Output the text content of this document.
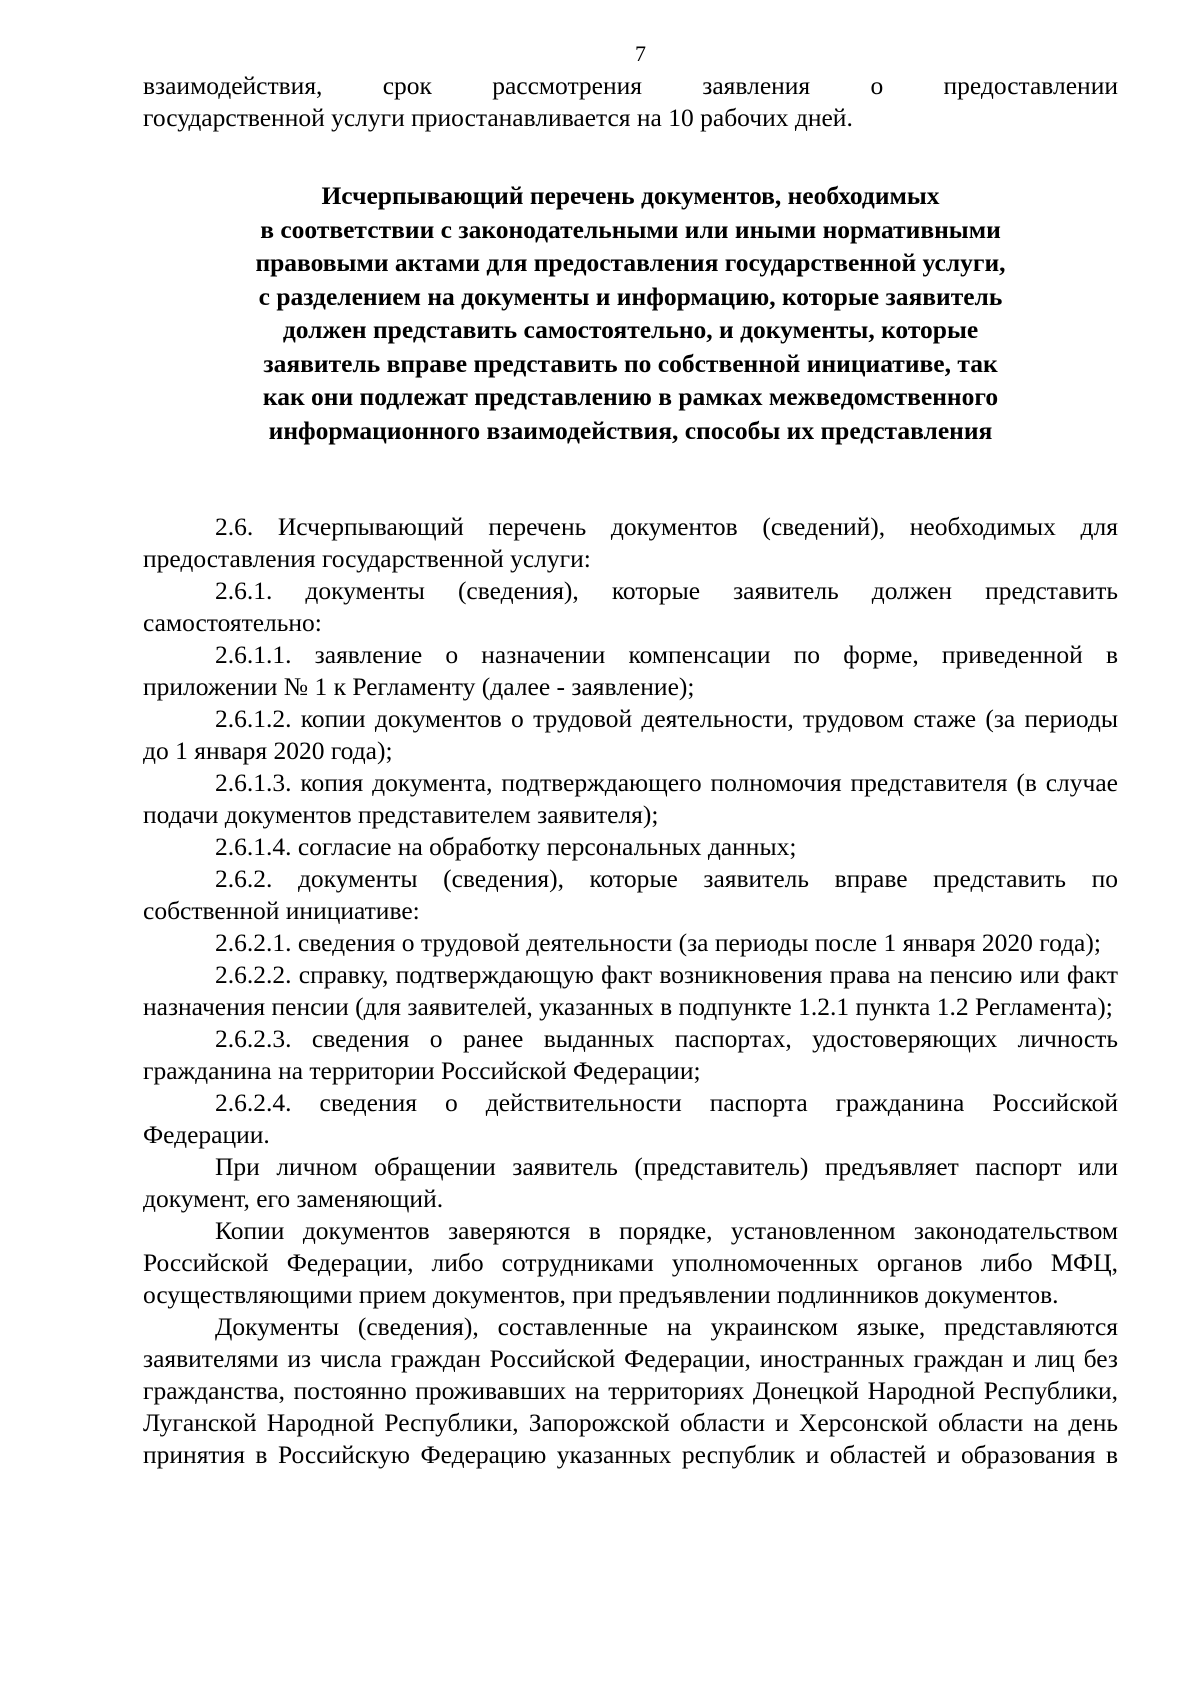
7

взаимодействия, срок рассмотрения заявления о предоставлении

государственной услуги приостанавливается на 10 рабочих дней.

Исчерпывающий перечень документов, необходимых
в соответствии с законодательными или иными нормативными
правовыми актами для предоставления государственной услуги,
с разделением на документы и информацию, которые заявитель
должен представить самостоятельно, и документы, которые
заявитель вправе представить по собственной инициативе, так
как они подлежат представлению в рамках межведомственного
информационного взаимодействия, способы их представления

2.6. Исчерпывающий перечень документов (сведений), необходимых для предоставления государственной услуги:

2.6.1. документы (сведения), которые заявитель должен представить самостоятельно:

2.6.1.1. заявление о назначении компенсации по форме, приведенной в приложении № 1 к Регламенту (далее - заявление);

2.6.1.2. копии документов о трудовой деятельности, трудовом стаже (за периоды до 1 января 2020 года);

2.6.1.3. копия документа, подтверждающего полномочия представителя (в случае подачи документов представителем заявителя);

2.6.1.4. согласие на обработку персональных данных;

2.6.2. документы (сведения), которые заявитель вправе представить по собственной инициативе:

2.6.2.1. сведения о трудовой деятельности (за периоды после 1 января 2020 года);

2.6.2.2. справку, подтверждающую факт возникновения права на пенсию или факт назначения пенсии (для заявителей, указанных в подпункте 1.2.1 пункта 1.2 Регламента);

2.6.2.3. сведения о ранее выданных паспортах, удостоверяющих личность гражданина на территории Российской Федерации;

2.6.2.4. сведения о действительности паспорта гражданина Российской Федерации.

При личном обращении заявитель (представитель) предъявляет паспорт или документ, его заменяющий.

Копии документов заверяются в порядке, установленном законодательством Российской Федерации, либо сотрудниками уполномоченных органов либо МФЦ, осуществляющими прием документов, при предъявлении подлинников документов.

Документы (сведения), составленные на украинском языке, представляются заявителями из числа граждан Российской Федерации, иностранных граждан и лиц без гражданства, постоянно проживавших на территориях Донецкой Народной Республики, Луганской Народной Республики, Запорожской области и Херсонской области на день принятия в Российскую Федерацию указанных республик и областей и образования в
